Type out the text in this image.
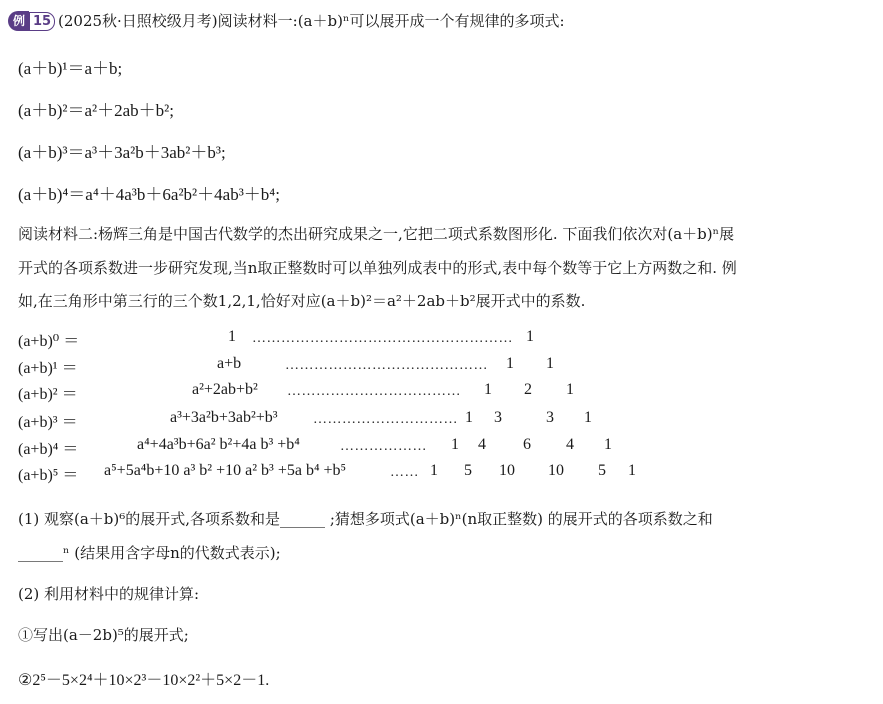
例 15 (2025秋·日照校级月考)阅读材料一:(a＋b)ⁿ可以展开成一个有规律的多项式:
(a＋b)¹＝a＋b;
(a＋b)²＝a²＋2ab＋b²;
(a＋b)³＝a³＋3a²b＋3ab²＋b³;
(a＋b)⁴＝a⁴＋4a³b＋6a²b²＋4ab³＋b⁴;
阅读材料二:杨辉三角是中国古代数学的杰出研究成果之一,它把二项式系数图形化. 下面我们依次对(a＋b)ⁿ展
开式的各项系数进一步研究发现,当n取正整数时可以单独列成表中的形式,表中每个数等于它上方两数之和. 例
如,在三角形中第三行的三个数1,2,1,恰好对应(a＋b)²＝a²＋2ab＋b²展开式中的系数.
(a+b)⁰ ＝	1 ……………………………………………… 1
(a+b)¹ ＝	a+b	…………………………………… 1 1
(a+b)² ＝	a²+2ab+b² ……………………………… 1 2 1
(a+b)³ ＝	a³+3a²b+3ab²+b³	………………………… 1 3	3 1
(a+b)⁴ ＝	a⁴+4a³b+6a² b²+4a b³ +b⁴	……………… 1 4 6 4 1
(a+b)⁵ ＝ a⁵+5a⁴b+10 a³ b² +10 a² b³ +5a b⁴ +b⁵	…… 1 5 10 10 5 1
(1) 观察(a＋b)⁶的展开式,各项系数和是______ ;猜想多项式(a＋b)ⁿ(n取正整数) 的展开式的各项系数之和
______ⁿ (结果用含字母n的代数式表示);
(2) 利用材料中的规律计算:
①写出(a－2b)⁵的展开式;
②2⁵－5×2⁴＋10×2³－10×2²＋5×2－1.
